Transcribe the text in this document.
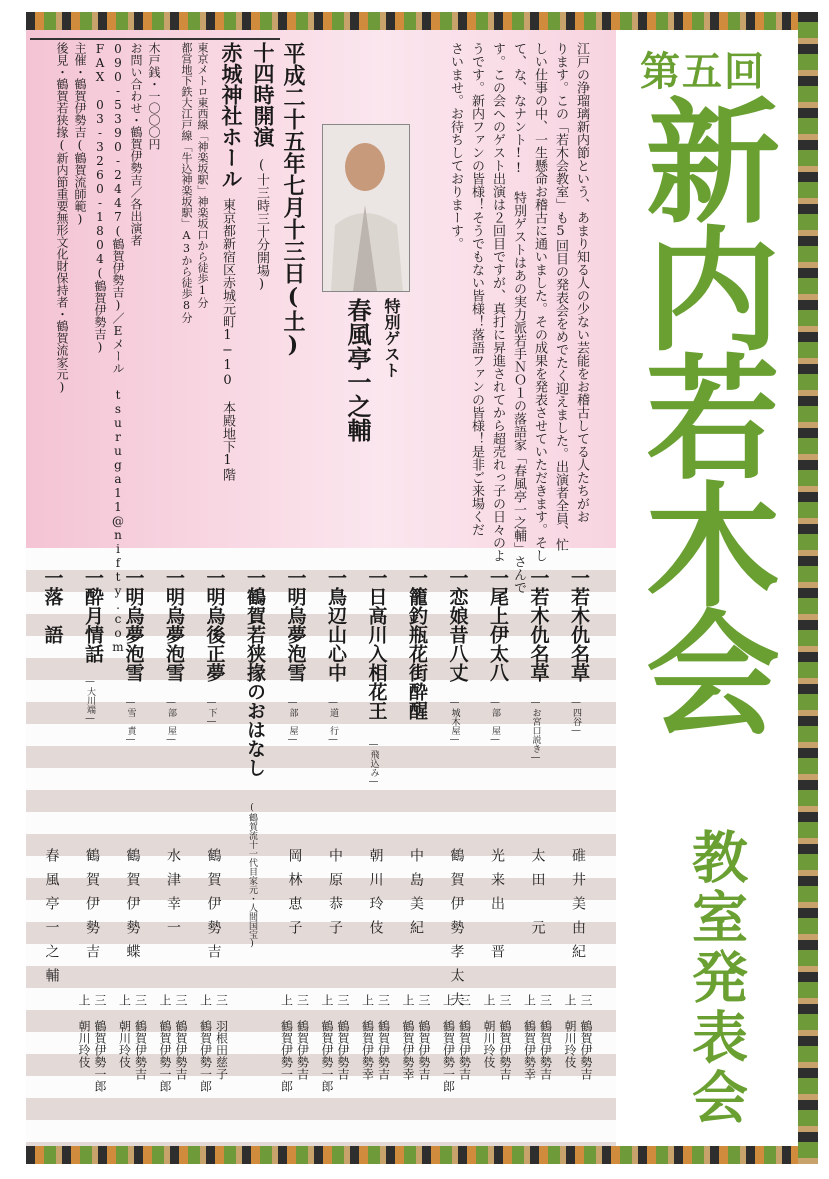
第五回
新内若木会
教室発表会
江戸の浄瑠璃新内節という、あまり知る人の少ない芸能をお稽古してる人たちがお
ります。この「若木会教室」も5回目の発表会をめでたく迎えました。出演者全員、忙
しい仕事の中、一生懸命お稽古に通いました。その成果を発表させていただきます。そし
て、な、なナント!! 特別ゲストはあの実力派若手ＮＯ１の落語家「春風亭一之輔」さんで
す。この会へのゲスト出演は２回目ですが、真打に昇進されてから超売れっ子の日々のよ
うです。新内ファンの皆様！そうでもない皆様！落語ファンの皆様！是非ご来場くだ
さいませ。お待ちしておりまーす。
特別ゲスト
春風亭一之輔
平成二十五年七月十三日(土)
十四時開演
(十三時三十分開場)
赤城神社ホール
東京都新宿区赤城元町1−10　本殿地下1階
東京メトロ東西線「神楽坂駅」神楽坂口から徒歩1分
都営地下鉄大江戸線「牛込神楽坂駅」A3から徒歩8分
木戸銭・一〇〇〇円
お問い合わせ・鶴賀伊勢吉／各出演者
090-5390-2447(鶴賀伊勢吉)／Eメール tsuruga11@nifty.com
FAX 03-3260-1804(鶴賀伊勢吉)
主催・鶴賀伊勢吉(鶴賀流師範)
後見・鶴賀若狭掾(新内節重要無形文化財保持者・鶴賀流家元)
一若木仇名草
―四谷―
碓井美由紀
三 鶴賀伊勢吉
上 朝川玲伎
一若木仇名草
―お宮口説き―
太田　元
三 鶴賀伊勢吉
上 鶴賀伊勢幸
一尾上伊太八
―部　屋―
光来出　晋
三 鶴賀伊勢吉
上 朝川玲伎
一恋娘昔八丈
―城木屋―
鶴賀伊勢孝太夫
三 鶴賀伊勢吉
上 鶴賀伊勢一郎
一籠釣瓶花街酔醒
中島美紀
三 鶴賀伊勢吉
上 鶴賀伊勢幸
一日高川入相花王
―飛込み―
朝川玲伎
三 鶴賀伊勢吉
上 鶴賀伊勢幸
一鳥辺山心中
―道　行―
中原恭子
三 鶴賀伊勢吉
上 鶴賀伊勢一郎
一明烏夢泡雪
―部　屋―
岡林恵子
三 鶴賀伊勢吉
上 鶴賀伊勢一郎
一鶴賀若狭掾のおはなし
(鶴賀流十一代目家元・人間国宝)
一明烏後正夢
―下―
鶴賀伊勢吉
三 羽根田慈子
上 鶴賀伊勢一郎
一明烏夢泡雪
―部　屋―
水津幸一
三 鶴賀伊勢吉
上 鶴賀伊勢一郎
一明烏夢泡雪
―雪　責―
鶴賀伊勢蝶
三 鶴賀伊勢吉
上 朝川玲伎
一酔月情話
―大川端―
鶴賀伊勢吉
三 鶴賀伊勢一郎
上 朝川玲伎
一落　語
春風亭一之輔
